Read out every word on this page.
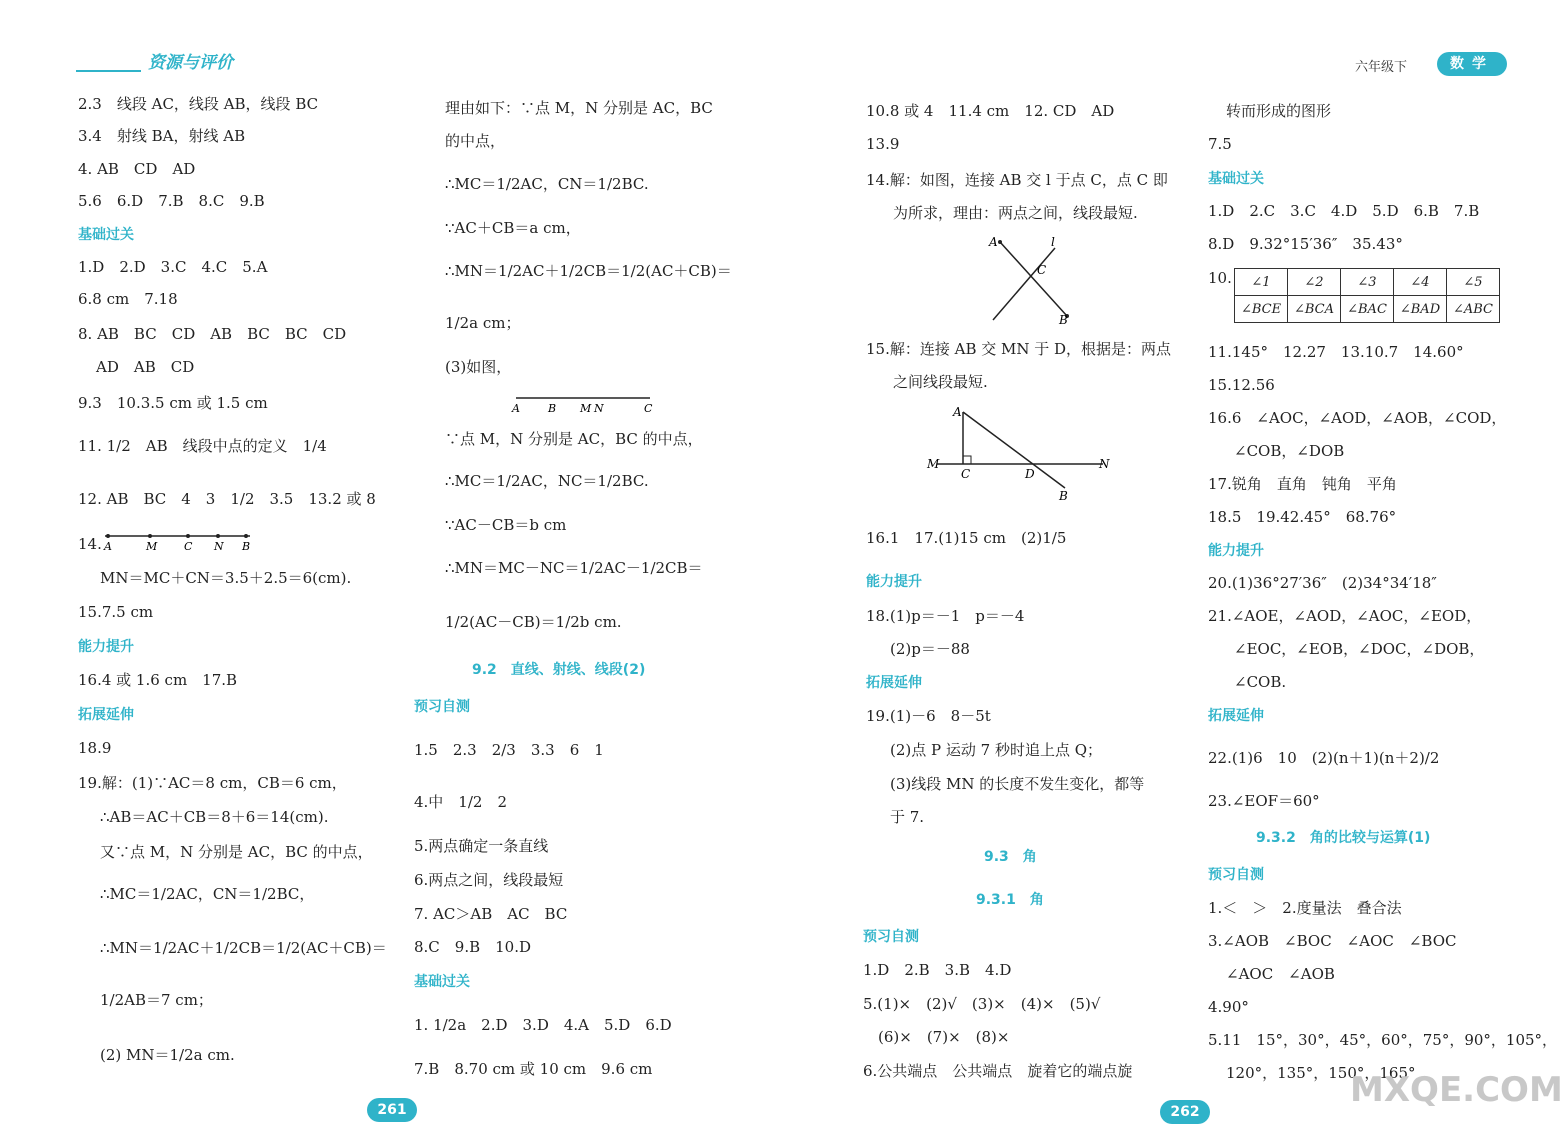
资源与评价	六年级下	数学
2.3　线段 AC，线段 AB，线段 BC
3.4　射线 BA，射线 AB
4. AB　CD　AD
5.6　6.D　7.B　8.C　9.B
基础过关
1.D　2.D　3.C　4.C　5.A
6.8 cm　7.18
8. AB　BC　CD　AB　BC　BC　CD
AD　AB　CD
9.3　10.3.5 cm 或 1.5 cm
11. 1/2　AB　线段中点的定义　1/4
12. AB　BC　4　3　1/2　3.5　13.2 或 8
14. A	M C N B
MN＝MC＋CN＝3.5＋2.5＝6(cm).
15.7.5 cm
能力提升
16.4 或 1.6 cm　17.B
拓展延伸
18.9
19.解：(1)∵AC＝8 cm，CB＝6 cm，
∴AB＝AC＋CB＝8＋6＝14(cm).
又∵点 M，N 分别是 AC，BC 的中点，
∴MC＝1/2AC，CN＝1/2BC，
∴MN＝1/2AC＋1/2CB＝1/2(AC＋CB)＝
1/2AB＝7 cm；
(2) MN＝1/2a cm.
理由如下：∵点 M，N 分别是 AC，BC
的中点，
∴MC＝1/2AC，CN＝1/2BC.
∵AC＋CB＝a cm，
∴MN＝1/2AC＋1/2CB＝1/2(AC＋CB)＝
1/2a cm；
(3)如图，
A	B M N	C
∵点 M，N 分别是 AC，BC 的中点，
∴MC＝1/2AC，NC＝1/2BC.
∵AC－CB＝b cm
∴MN＝MC－NC＝1/2AC－1/2CB＝
1/2(AC－CB)＝1/2b cm.
9.2　直线、射线、线段(2)
预习自测
1.5　2.3　2/3　3.3　6　1
4.中　1/2　2
5.两点确定一条直线
6.两点之间，线段最短
7. AC＞AB　AC　BC
8.C　9.B　10.D
基础过关
1. 1/2a　2.D　3.D　4.A　5.D　6.D
7.B　8.70 cm 或 10 cm　9.6 cm
261
10.8 或 4　11.4 cm　12. CD　AD
13.9
14.解：如图，连接 AB 交 l 于点 C，点 C 即
为所求，理由：两点之间，线段最短.
A	l
C
B
15.解：连接 AB 交 MN 于 D，根据是：两点
之间线段最短.
A
M
C	D
N
B
16.1　17.(1)15 cm　(2)1/5
能力提升
18.(1)p＝－1　p＝－4
(2)p＝－88
拓展延伸
19.(1)－6　8－5t
(2)点 P 运动 7 秒时追上点 Q；
(3)线段 MN 的长度不发生变化，都等
于 7.
9.3　角
9.3.1　角
预习自测
1.D　2.B　3.B　4.D
5.(1)×　(2)√　(3)×　(4)×　(5)√
(6)×　(7)×　(8)×
6.公共端点　公共端点　旋着它的端点旋
262
转而形成的图形
7.5
基础过关
1.D　2.C　3.C　4.D　5.D　6.B　7.B
8.D　9.32°15′36″　35.43°
10. ∠1	∠2	∠3	∠4	∠5
∠BCE	∠BCA	∠BAC	∠BAD	∠ABC
11.145°　12.27　13.10.7　14.60°
15.12.56
16.6　∠AOC，∠AOD，∠AOB，∠COD，
∠COB，∠DOB
17.锐角　直角　钝角　平角
18.5　19.42.45°　68.76°
能力提升
20.(1)36°27′36″　(2)34°34′18″
21.∠AOE，∠AOD，∠AOC，∠EOD，
∠EOC，∠EOB，∠DOC，∠DOB，
∠COB.
拓展延伸
22.(1)6　10　(2)(n＋1)(n＋2)/2
23.∠EOF＝60°
9.3.2　角的比较与运算(1)
预习自测
1.＜　＞　2.度量法　叠合法
3.∠AOB　∠BOC　∠AOC　∠BOC
∠AOC　∠AOB
4.90°
5.11　15°，30°，45°，60°，75°，90°，105°，
120°，135°，150°，165°
MXQE.COM
